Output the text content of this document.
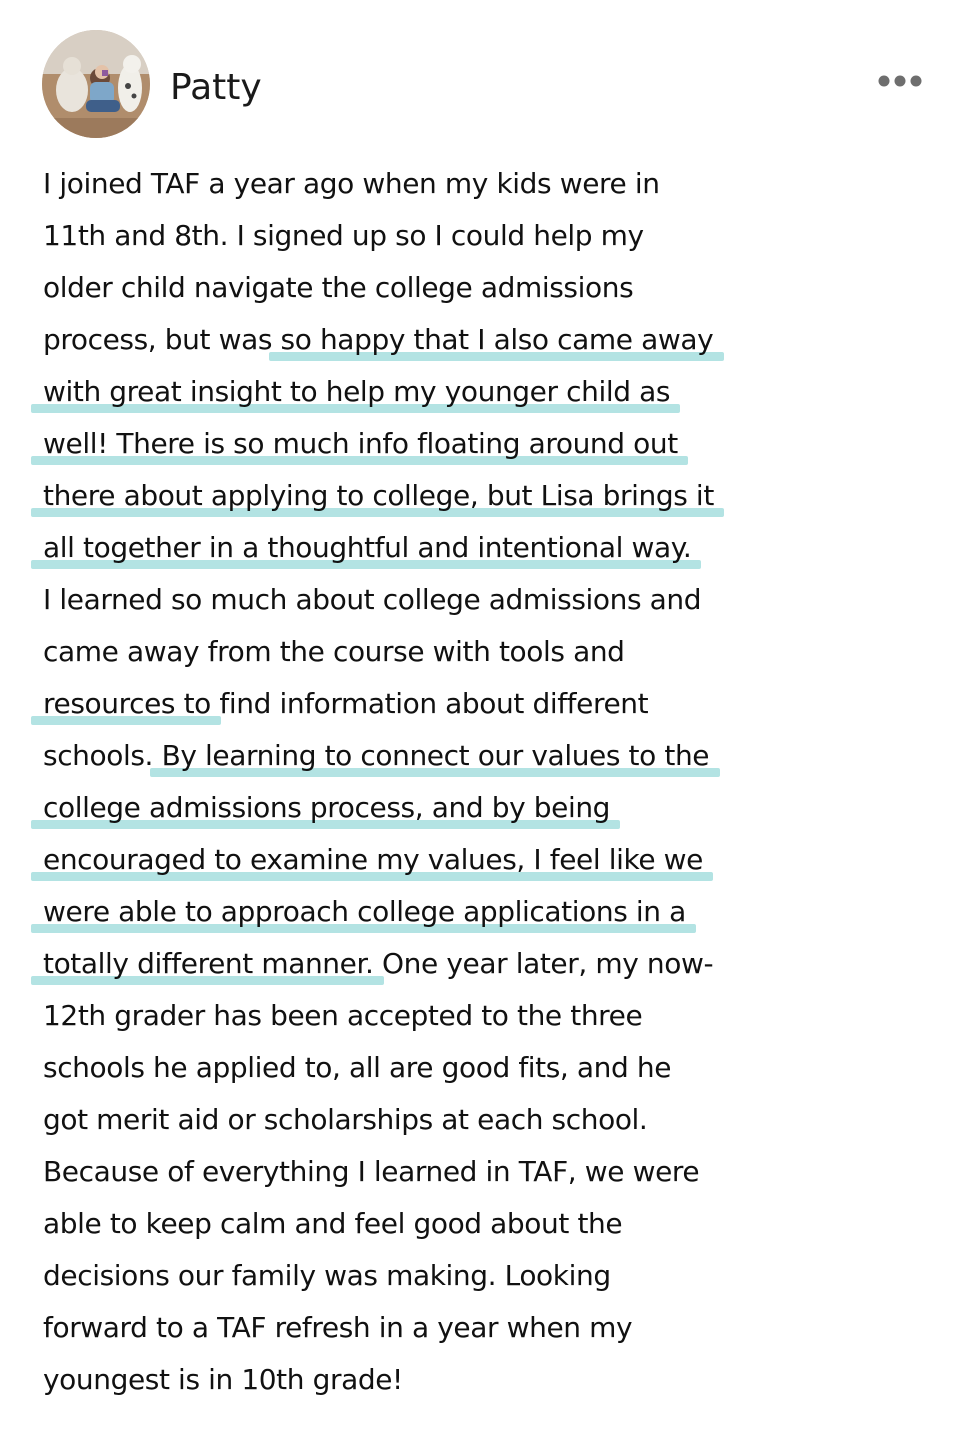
Patty
I joined TAF a year ago when my kids were in
11th and 8th. I signed up so I could help my
older child navigate the college admissions
process, but was so happy that I also came away
with great insight to help my younger child as
well! There is so much info floating around out
there about applying to college, but Lisa brings it
all together in a thoughtful and intentional way.
I learned so much about college admissions and
came away from the course with tools and
resources to find information about different
schools. By learning to connect our values to the
college admissions process, and by being
encouraged to examine my values, I feel like we
were able to approach college applications in a
totally different manner. One year later, my now-
12th grader has been accepted to the three
schools he applied to, all are good fits, and he
got merit aid or scholarships at each school.
Because of everything I learned in TAF, we were
able to keep calm and feel good about the
decisions our family was making. Looking
forward to a TAF refresh in a year when my
youngest is in 10th grade!
